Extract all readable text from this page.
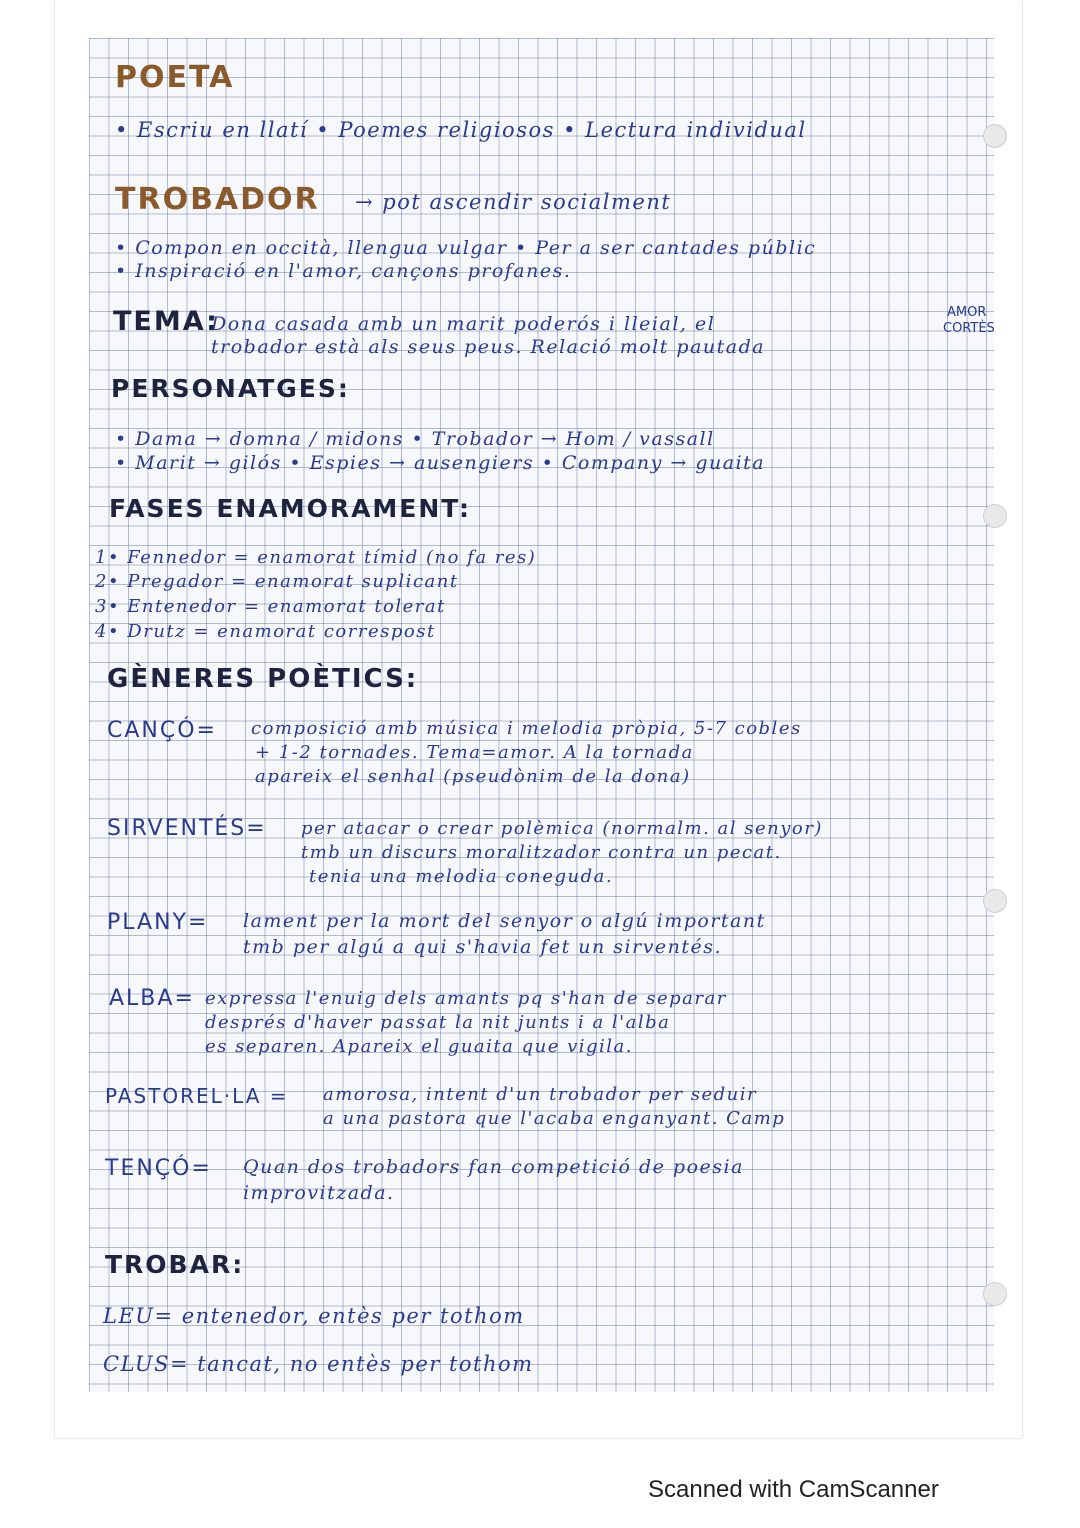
POETA
• Escriu en llatí • Poemes religiosos • Lectura individual
TROBADOR → pot ascendir socialment
• Compon en occità, llengua vulgar • Per a ser cantades públic
• Inspiració en l'amor, cançons profanes.
TEMA:
Dona casada amb un marit poderós i lleial, el
trobador està als seus peus. Relació molt pautada
AMOR
CORTÈS
PERSONATGES:
• Dama → domna / midons • Trobador → Hom / vassall
• Marit → gilós • Espies → ausengiers • Company → guaita
FASES ENAMORAMENT:
1• Fennedor = enamorat tímid (no fa res)
2• Pregador = enamorat suplicant
3• Entenedor = enamorat tolerat
4• Drutz = enamorat correspost
GÈNERES POÈTICS:
CANÇÓ= composició amb música i melodia pròpia, 5-7 cobles
+ 1-2 tornades. Tema=amor. A la tornada
apareix el senhal (pseudònim de la dona)
SIRVENTÉS= per atacar o crear polèmica (normalm. al senyor)
tmb un discurs moralitzador contra un pecat.
tenia una melodia coneguda.
PLANY= lament per la mort del senyor o algú important
tmb per algú a qui s'havia fet un sirventés.
ALBA= expressa l'enuig dels amants pq s'han de separar
després d'haver passat la nit junts i a l'alba
es separen. Apareix el guaita que vigila.
PASTOREL·LA = amorosa, intent d'un trobador per seduir
a una pastora que l'acaba enganyant. Camp
TENÇÓ= Quan dos trobadors fan competició de poesia
improvitzada.
TROBAR:
LEU= entenedor, entès per tothom
CLUS= tancat, no entès per tothom
Scanned with CamScanner
